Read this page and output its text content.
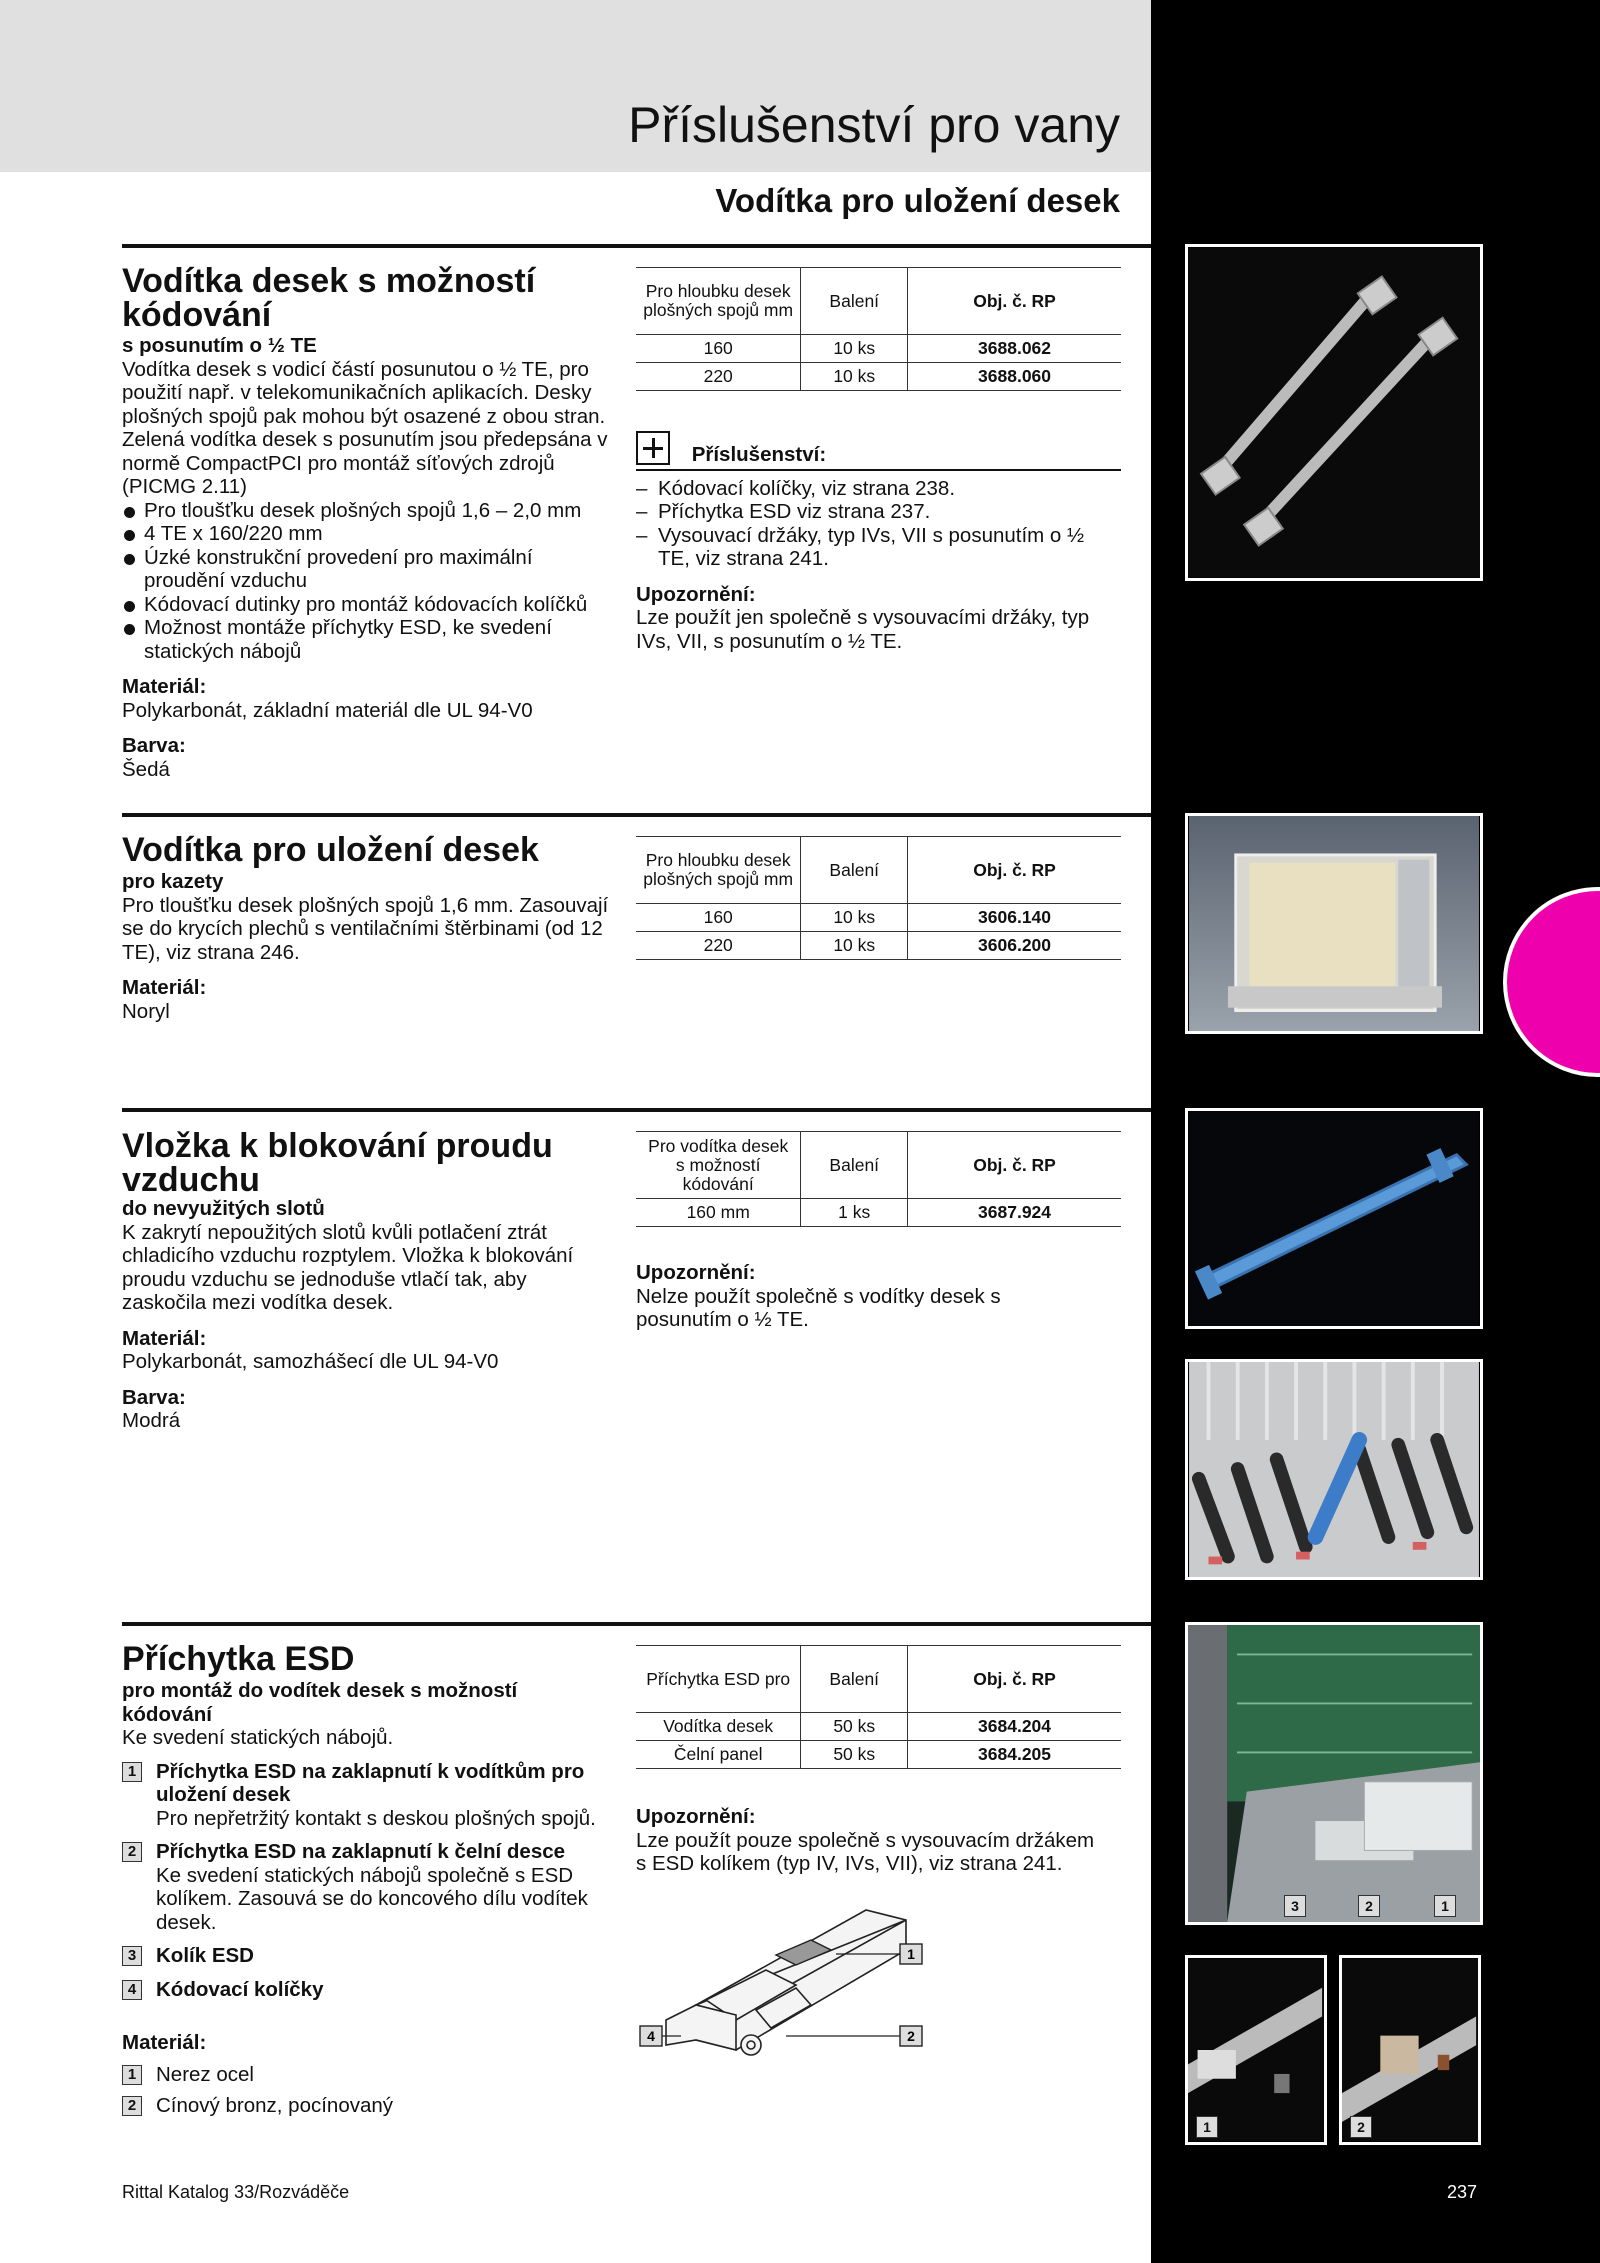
Příslušenství pro vany
Vodítka pro uložení desek
Vodítka desek s možností kódování

s posunutím o ½ TE

Vodítka desek s vodicí částí posunutou o ½ TE, pro použití např. v telekomunikačních aplikacích. Desky plošných spojů pak mohou být osazené z obou stran. Zelená vodítka desek s posunutím jsou předepsána v normě CompactPCI pro montáž síťových zdrojů (PICMG 2.11)

Pro tloušťku desek plošných spojů 1,6 – 2,0 mm
4 TE x 160/220 mm
Úzké konstrukční provedení pro maximální proudění vzduchu
Kódovací dutinky pro montáž kódovacích kolíčků
Možnost montáže příchytky ESD, ke svedení statických nábojů

Materiál:

Polykarbonát, základní materiál dle UL 94-V0

Barva:

Šedá

Pro hloubku desek plošných spojů mm	Balení	Obj. č. RP
160	10 ks	3688.062
220	10 ks	3688.060
Příslušenství:
– Kódovací kolíčky, viz strana 238.
– Příchytka ESD viz strana 237.
– Vysouvací držáky, typ IVs, VII s posunutím o ½ TE, viz strana 241.

Upozornění:

Lze použít jen společně s vysouvacími držáky, typ IVs, VII, s posunutím o ½ TE.

Vodítka pro uložení desek

pro kazety

Pro tloušťku desek plošných spojů 1,6 mm. Zasouvají se do krycích plechů s ventilačními štěrbinami (od 12 TE), viz strana 246.

Materiál:

Noryl

Pro hloubku desek plošných spojů mm	Balení	Obj. č. RP
160	10 ks	3606.140
220	10 ks	3606.200
Vložka k blokování proudu vzduchu

do nevyužitých slotů

K zakrytí nepoužitých slotů kvůli potlačení ztrát chladicího vzduchu rozptylem. Vložka k blokování proudu vzduchu se jednoduše vtlačí tak, aby zaskočila mezi vodítka desek.

Materiál:

Polykarbonát, samozhášecí dle UL 94-V0

Barva:

Modrá

Pro vodítka desek s možností kódování	Balení	Obj. č. RP
160 mm	1 ks	3687.924

Upozornění:

Nelze použít společně s vodítky desek s posunutím o ½ TE.

Příchytka ESD

pro montáž do vodítek desek s možností kódování

Ke svedení statických nábojů.

1 Příchytka ESD na zaklapnutí k vodítkům pro uložení desek
Pro nepřetržitý kontakt s deskou plošných spojů.
2 Příchytka ESD na zaklapnutí k čelní desce
Ke svedení statických nábojů společně s ESD kolíkem. Zasouvá se do koncového dílu vodítek desek.
3 Kolík ESD
4 Kódovací kolíčky

Materiál:

1 Nerez ocel
2 Cínový bronz, pocínovaný
Příchytka ESD pro	Balení	Obj. č. RP
Vodítka desek	50 ks	3684.204
Čelní panel	50 ks	3684.205

Upozornění:

Lze použít pouze společně s vysouvacím držákem s ESD kolíkem (typ IV, IVs, VII), viz strana 241.

1
2
4
3	2	1
1	2
Rittal Katalog 33/Rozváděče	237
